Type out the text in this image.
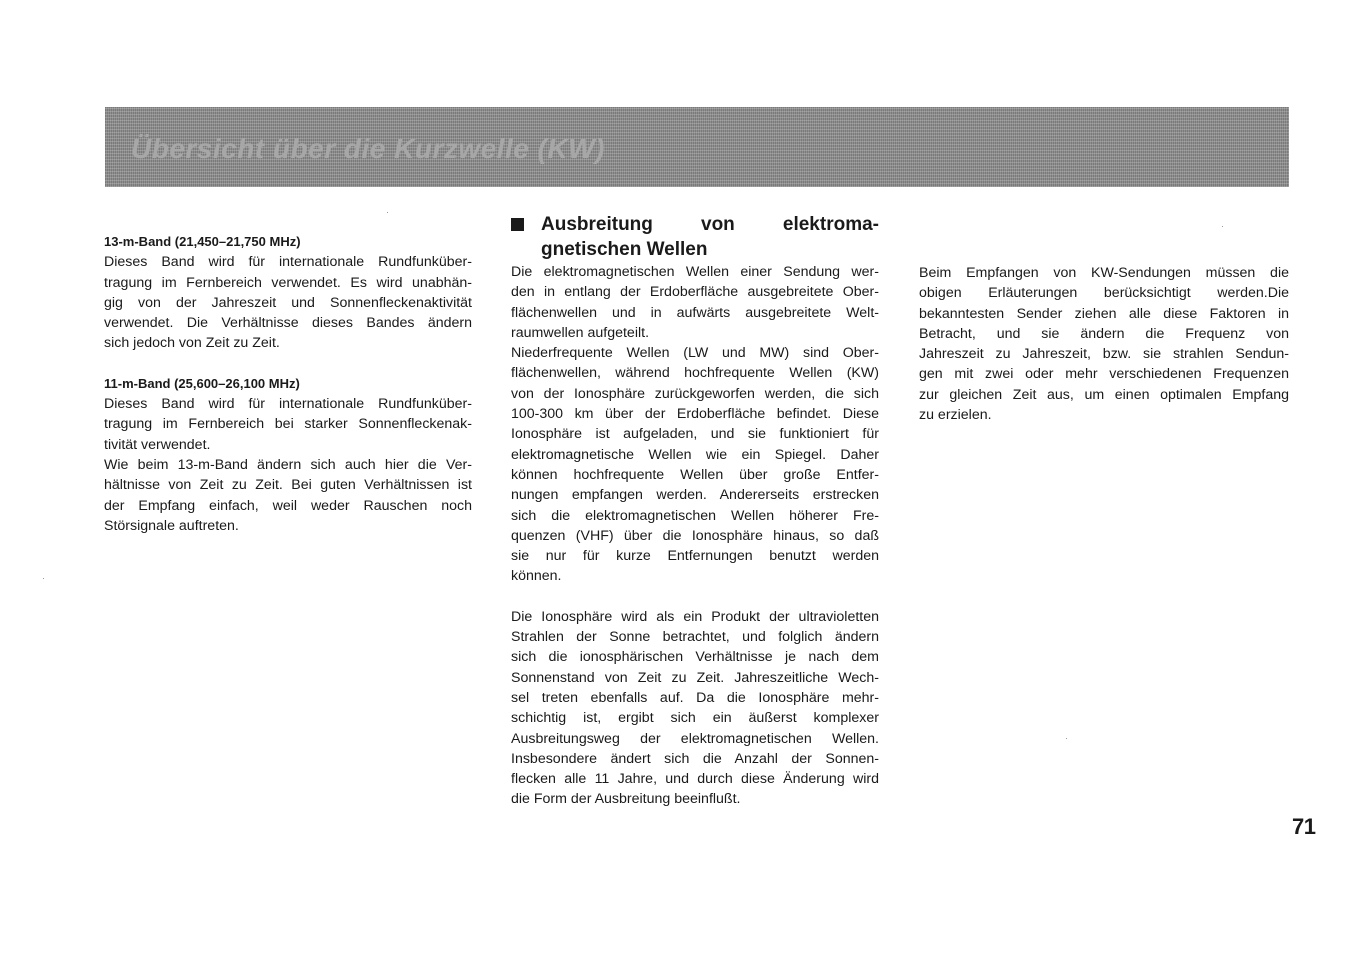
Übersicht über die Kurzwelle (KW)

13-m-Band (21,450–21,750 MHz)

Dieses Band wird für internationale Rundfunküber-

tragung im Fernbereich verwendet. Es wird unabhän-

gig von der Jahreszeit und Sonnenfleckenaktivität

verwendet. Die Verhältnisse dieses Bandes ändern

sich jedoch von Zeit zu Zeit.

11-m-Band (25,600–26,100 MHz)

Dieses Band wird für internationale Rundfunküber-

tragung im Fernbereich bei starker Sonnenfleckenak-

tivität verwendet.

Wie beim 13-m-Band ändern sich auch hier die Ver-

hältnisse von Zeit zu Zeit. Bei guten Verhältnissen ist

der Empfang einfach, weil weder Rauschen noch

Störsignale auftreten.

Ausbreitung	von	elektroma-
gnetischen Wellen

Die elektromagnetischen Wellen einer Sendung wer-

den in entlang der Erdoberfläche ausgebreitete Ober-

flächenwellen und in aufwärts ausgebreitete Welt-

raumwellen aufgeteilt.

Niederfrequente Wellen (LW und MW) sind Ober-

flächenwellen, während hochfrequente Wellen (KW)

von der Ionosphäre zurückgeworfen werden, die sich

100-300 km über der Erdoberfläche befindet. Diese

Ionosphäre ist aufgeladen, und sie funktioniert für

elektromagnetische Wellen wie ein Spiegel. Daher

können hochfrequente Wellen über große Entfer-

nungen empfangen werden. Andererseits erstrecken

sich die elektromagnetischen Wellen höherer Fre-

quenzen (VHF) über die Ionosphäre hinaus, so daß

sie nur für kurze Entfernungen benutzt werden

können.

Die Ionosphäre wird als ein Produkt der ultravioletten

Strahlen der Sonne betrachtet, und folglich ändern

sich die ionosphärischen Verhältnisse je nach dem

Sonnenstand von Zeit zu Zeit. Jahreszeitliche Wech-

sel treten ebenfalls auf. Da die Ionosphäre mehr-

schichtig ist, ergibt sich ein äußerst komplexer

Ausbreitungsweg der elektromagnetischen Wellen.

Insbesondere ändert sich die Anzahl der Sonnen-

flecken alle 11 Jahre, und durch diese Änderung wird

die Form der Ausbreitung beeinflußt.

Beim Empfangen von KW-Sendungen müssen die

obigen Erläuterungen berücksichtigt werden.Die

bekanntesten Sender ziehen alle diese Faktoren in

Betracht, und sie ändern die Frequenz von

Jahreszeit zu Jahreszeit, bzw. sie strahlen Sendun-

gen mit zwei oder mehr verschiedenen Frequenzen

zur gleichen Zeit aus, um einen optimalen Empfang

zu erzielen.

71
